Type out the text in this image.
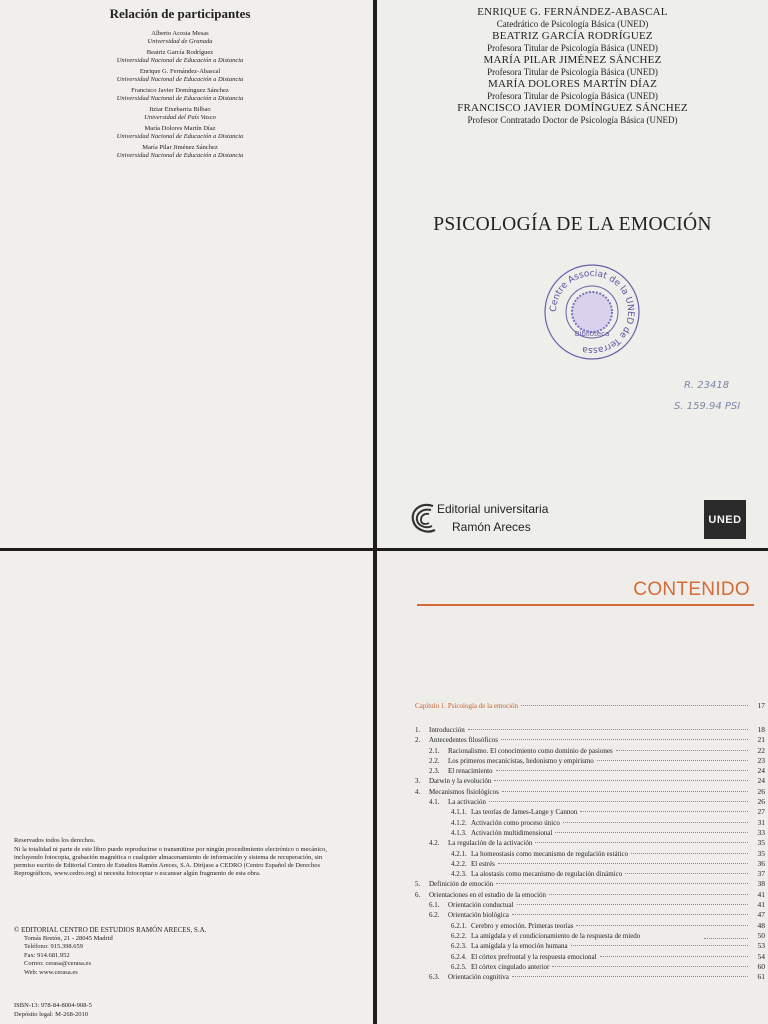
Relación de participantes
Alberto Acosta Mesas
Universidad de Granada
Beatriz García Rodríguez
Universidad Nacional de Educación a Distancia
Enrique G. Fernández-Abascal
Universidad Nacional de Educación a Distancia
Francisco Javier Domínguez Sánchez
Universidad Nacional de Educación a Distancia
Itziar Etxebarria Bilbao
Universidad del País Vasco
María Dolores Martín Díaz
Universidad Nacional de Educación a Distancia
María Pilar Jiménez Sánchez
Universidad Nacional de Educación a Distancia
ENRIQUE G. FERNÁNDEZ-ABASCAL
Catedrático de Psicología Básica (UNED)
BEATRIZ GARCÍA RODRÍGUEZ
Profesora Titular de Psicología Básica (UNED)
MARÍA PILAR JIMÉNEZ SÁNCHEZ
Profesora Titular de Psicología Básica (UNED)
MARÍA DOLORES MARTÍN DÍAZ
Profesora Titular de Psicología Básica (UNED)
FRANCISCO JAVIER DOMÍNGUEZ SÁNCHEZ
Profesor Contratado Doctor de Psicología Básica (UNED)
PSICOLOGÍA DE LA EMOCIÓN
Centre Associat de la UNED de Terrassa
Biblioteca
R. 23418
S. 159.94 PSI
Editorial universitaria
Ramón Areces
UNED

Reservados todos los derechos.

Ni la totalidad ni parte de este libro puede reproducirse o transmitirse por ningún procedimiento electrónico o mecánico, incluyendo fotocopia, grabación magnética o cualquier almacenamiento de información y sistema de recuperación, sin permiso escrito de Editorial Centro de Estudios Ramón Areces, S.A. Diríjase a CEDRO (Centro Español de Derechos Reprográficos, www.cedro.org) si necesita fotocopiar o escanear algún fragmento de esta obra.

© EDITORIAL CENTRO DE ESTUDIOS RAMÓN ARECES, S.A.
Tomás Bretón, 21 - 28045 Madrid
Teléfono: 915.398.659
Fax: 914.681.952
Correo: cerasa@cerasa.es
Web: www.cerasa.es
ISBN-13: 978-84-8004-908-5
Depósito legal: M-268-2010
CONTENIDO
Capítulo 1. Psicología de la emoción	17
1.	Introducción	18
2.	Antecedentes filosóficos	21
2.1.	Racionalismo. El conocimiento como dominio de pasiones	22
2.2.	Los primeros mecanicistas, hedonismo y empirismo	23
2.3.	El renacimiento	24
3.	Darwin y la evolución	24
4.	Mecanismos fisiológicos	26
4.1.	La activación	26
4.1.1. Las teorías de James-Lange y Cannon	27
4.1.2. Activación como proceso único	31
4.1.3. Activación multidimensional	33
4.2.	La regulación de la activación	35
4.2.1. La homeostasis como mecanismo de regulación estático	35
4.2.2. El estrés	36
4.2.3. La alostasis como mecanismo de regulación dinámico	37
5.	Definición de emoción	38
6.	Orientaciones en el estudio de la emoción	41
6.1.	Orientación conductual	41
6.2.	Orientación biológica	47
6.2.1. Cerebro y emoción. Primeras teorías	48
6.2.2. La amígdala y el condicionamiento de la respuesta de miedo	50
6.2.3. La amígdala y la emoción humana	53
6.2.4. El córtex prefrontal y la respuesta emocional	54
6.2.5. El córtex cingulado anterior	60
6.3.	Orientación cognitiva	61
